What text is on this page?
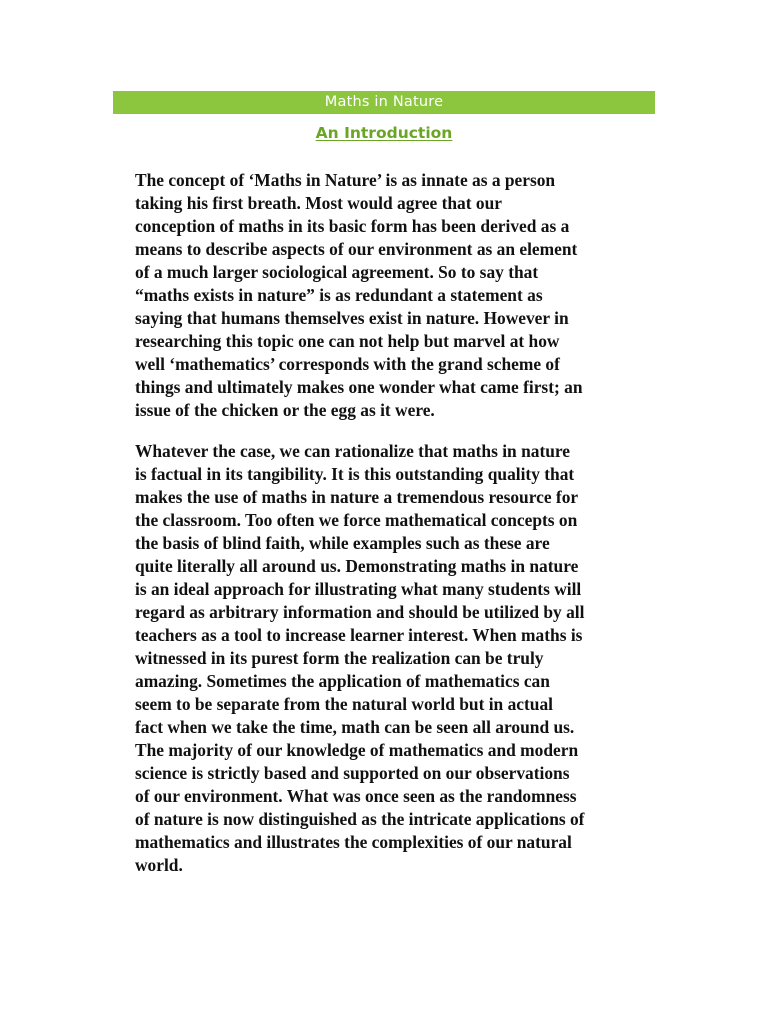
Maths in Nature
An Introduction

The concept of ‘Maths in Nature’ is as innate as a person
taking his first breath. Most would agree that our
conception of maths in its basic form has been derived as a
means to describe aspects of our environment as an element
of a much larger sociological agreement. So to say that
“maths exists in nature” is as redundant a statement as
saying that humans themselves exist in nature. However in
researching this topic one can not help but marvel at how
well ‘mathematics’ corresponds with the grand scheme of
things and ultimately makes one wonder what came first; an
issue of the chicken or the egg as it were.

Whatever the case, we can rationalize that maths in nature
is factual in its tangibility. It is this outstanding quality that
makes the use of maths in nature a tremendous resource for
the classroom. Too often we force mathematical concepts on
the basis of blind faith, while examples such as these are
quite literally all around us. Demonstrating maths in nature
is an ideal approach for illustrating what many students will
regard as arbitrary information and should be utilized by all
teachers as a tool to increase learner interest. When maths is
witnessed in its purest form the realization can be truly
amazing. Sometimes the application of mathematics can
seem to be separate from the natural world but in actual
fact when we take the time, math can be seen all around us.
The majority of our knowledge of mathematics and modern
science is strictly based and supported on our observations
of our environment. What was once seen as the randomness
of nature is now distinguished as the intricate applications of
mathematics and illustrates the complexities of our natural
world.
